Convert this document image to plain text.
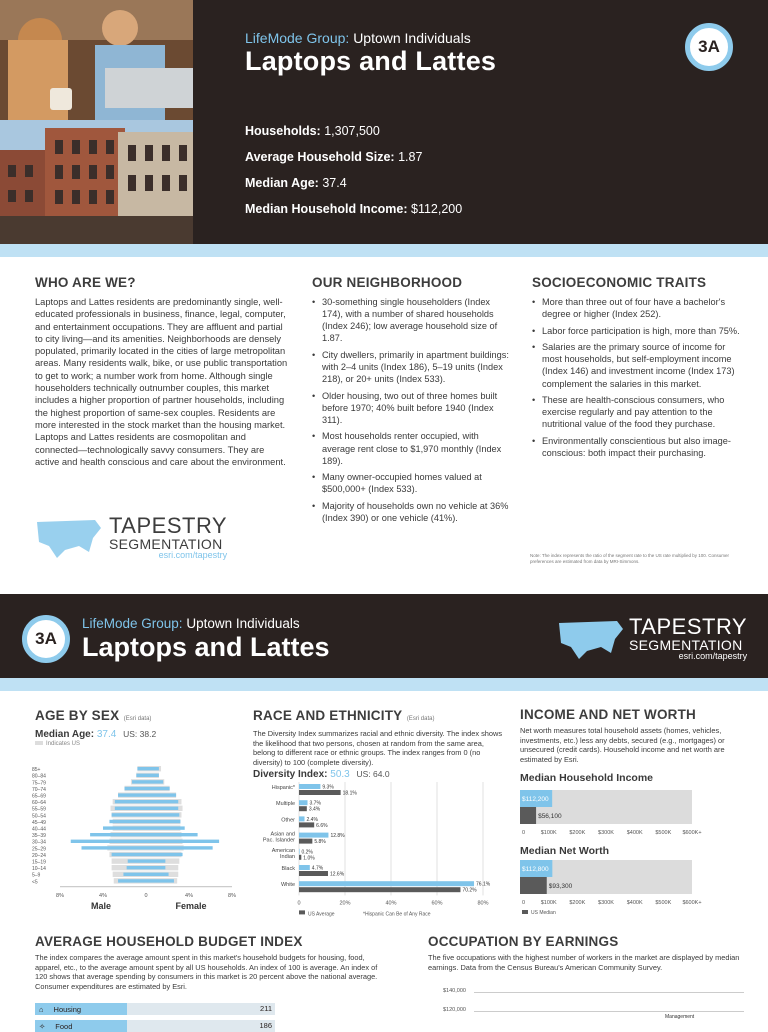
LifeMode Group: Uptown Individuals
Laptops and Lattes	3A
Households: 1,307,500
Average Household Size: 1.87
Median Age: 37.4
Median Household Income: $112,200
WHO ARE WE?

Laptops and Lattes residents are predominantly single, well-educated professionals in business, finance, legal, computer, and entertainment occupations. They are affluent and partial to city living—and its amenities. Neighborhoods are densely populated, primarily located in the cities of large metropolitan areas. Many residents walk, bike, or use public transportation to get to work; a number work from home. Although single householders technically outnumber couples, this market includes a higher proportion of partner households, including the highest proportion of same-sex couples. Residents are more interested in the stock market than the housing market. Laptops and Lattes residents are cosmopolitan and connected—technologically savvy consumers. They are active and health conscious and care about the environment.

TAPESTRY
SEGMENTATION
esri.com/tapestry
OUR NEIGHBORHOOD
• 30-something single householders (Index 174), with a number of shared households (Index 246); low average household size of 1.87.
• City dwellers, primarily in apartment buildings: with 2–4 units (Index 186), 5–19 units (Index 218), or 20+ units (Index 533).
• Older housing, two out of three homes built before 1970; 40% built before 1940 (Index 311).
• Most households renter occupied, with average rent close to $1,970 monthly (Index 189).
• Many owner-occupied homes valued at $500,000+ (Index 533).
• Majority of households own no vehicle at 36% (Index 390) or one vehicle (41%).
SOCIOECONOMIC TRAITS
• More than three out of four have a bachelor's degree or higher (Index 252).
• Labor force participation is high, more than 75%.
• Salaries are the primary source of income for most households, but self-employment income (Index 146) and investment income (Index 173) complement the salaries in this market.
• These are health-conscious consumers, who exercise regularly and pay attention to the nutritional value of the food they purchase.
• Environmentally conscientious but also image-conscious: both impact their purchasing.
Note: The index represents the ratio of the segment rate to the US rate multiplied by 100. Consumer preferences are estimated from data by MRI-Simmons.
3A
LifeMode Group: Uptown Individuals
Laptops and Lattes
TAPESTRY
SEGMENTATION
esri.com/tapestry
AGE BY SEX (Esri data)
Median Age: 37.4 US: 38.2
Indicates US
<5
5–9
10–14
15–19
20–24
25–29
30–34
35–39
40–44
45–49
50–54
55–59
60–64
65–69
70–74
75–79
80–84
85+
8%	4%	0	4%	8%
Male	Female
RACE AND ETHNICITY (Esri data)

The Diversity Index summarizes racial and ethnic diversity. The index shows the likelihood that two persons, chosen at random from the same area, belong to different race or ethnic groups. The index ranges from 0 (no diversity) to 100 (complete diversity).

Diversity Index: 50.3 US: 64.0
0	20%	40%	60%	80%
Hispanic*	9.3%
18.1%
Multiple	3.7%
3.4%
Other 2.4%
6.6%
Asian and
Pac. Islander
12.8%
5.8%
American
Indian
0.2%
1.0%
Black	4.7%
12.6%
White	76.1%
70.2%
US Average	*Hispanic Can Be of Any Race
INCOME AND NET WORTH

Net worth measures total household assets (homes, vehicles, investments, etc.) less any debts, secured (e.g., mortgages) or unsecured (credit cards). Household income and net worth are estimated by Esri.

Median Household Income
$112,200
$56,100
0	$100K $200K $300K $400K $500K $600K+
Median Net Worth
$112,800
$93,300
0	$100K $200K $300K $400K $500K $600K+
US Median
AVERAGE HOUSEHOLD BUDGET INDEX

The index compares the average amount spent in this market's household budgets for housing, food, apparel, etc., to the average amount spent by all US households. An index of 100 is average. An index of 120 shows that average spending by consumers in this market is 20 percent above the national average. Consumer expenditures are estimated by Esri.

⌂ Housing	211
✧ Food	186
OCCUPATION BY EARNINGS

The five occupations with the highest number of workers in the market are displayed by median earnings. Data from the Census Bureau's American Community Survey.

$140,000
$120,000
Management
